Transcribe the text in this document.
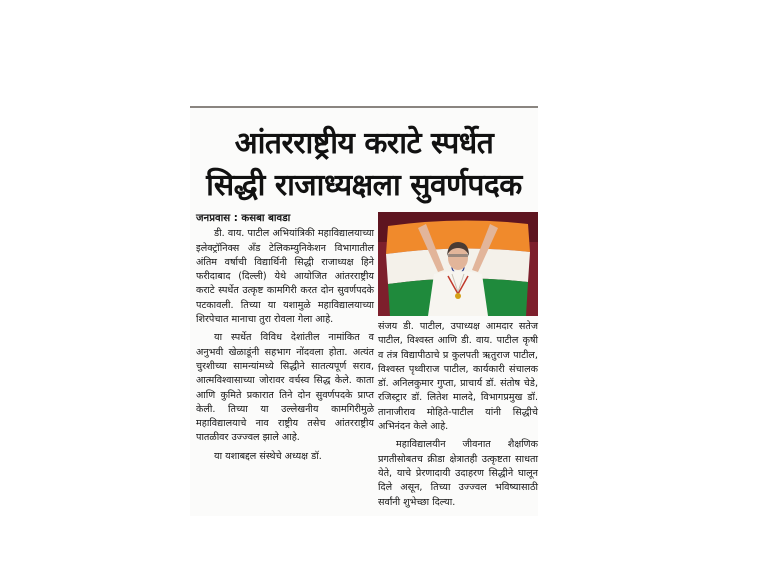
आंतरराष्ट्रीय कराटे स्पर्धेत
सिद्धी राजाध्यक्षला सुवर्णपदक
जनप्रवास : कसबा बावडा

डी. वाय. पाटील अभियांत्रिकी महाविद्यालयाच्या इलेक्ट्रॉनिक्स अँड टेलिकम्युनिकेशन विभागातील अंतिम वर्षाची विद्यार्थिनी सिद्धी राजाध्यक्ष हिने फरीदाबाद (दिल्ली) येथे आयोजित आंतरराष्ट्रीय कराटे स्पर्धेत उत्कृष्ट कामगिरी करत दोन सुवर्णपदके पटकावली. तिच्या या यशामुळे महाविद्यालयाच्या शिरपेचात मानाचा तुरा रोवला गेला आहे.

या स्पर्धेत विविध देशांतील नामांकित व अनुभवी खेळाडूंनी सहभाग नोंदवला होता. अत्यंत चुरशीच्या सामन्यांमध्ये सिद्धीने सातत्यपूर्ण सराव, आत्मविश्वासाच्या जोरावर वर्चस्व सिद्ध केले. काता आणि कुमिते प्रकारात तिने दोन सुवर्णपदके प्राप्त केली. तिच्या या उल्लेखनीय कामगिरीमुळे महाविद्यालयाचे नाव राष्ट्रीय तसेच आंतरराष्ट्रीय पातळीवर उज्ज्वल झाले आहे.

या यशाबद्दल संस्थेचे अध्यक्ष डॉ.

संजय डी. पाटील, उपाध्यक्ष आमदार सतेज पाटील, विश्वस्त आणि डी. वाय. पाटील कृषी व तंत्र विद्यापीठाचे प्र कुलपती ऋतुराज पाटील, विश्वस्त पृथ्वीराज पाटील, कार्यकारी संचालक डॉ. अनिलकुमार गुप्ता, प्राचार्य डॉ. संतोष चेडे, रजिस्ट्रार डॉ. लितेश मालदे, विभागप्रमुख डॉ. तानाजीराव मोहिते-पाटील यांनी सिद्धीचे अभिनंदन केले आहे.

महाविद्यालयीन जीवनात शैक्षणिक प्रगतीसोबतच क्रीडा क्षेत्रातही उत्कृष्टता साधता येते, याचे प्रेरणादायी उदाहरण सिद्धीने घालून दिले असून, तिच्या उज्ज्वल भविष्यासाठी सर्वांनी शुभेच्छा दिल्या.
